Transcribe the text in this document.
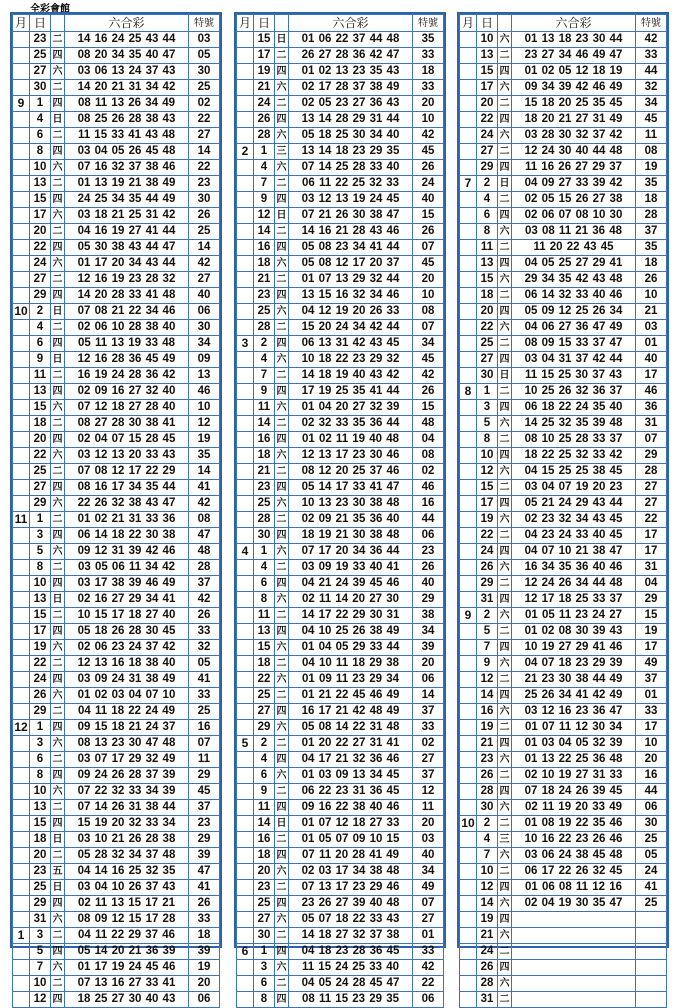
全彩會館
月	日		六合彩	特號
	23	二	14 16 24 25 43 44	03
	25	四	08 20 34 35 40 47	05
	27	六	03 06 13 24 37 43	30
	30	二	14 20 21 31 34 42	25
9	1	四	08 11 13 26 34 49	02
	4	日	08 25 26 28 38 43	22
	6	二	11 15 33 41 43 48	27
	8	四	03 04 05 26 45 48	14
	10	六	07 16 32 37 38 46	22
	13	二	01 13 19 21 38 49	23
	15	四	24 25 34 35 44 49	30
	17	六	03 18 21 25 31 42	26
	20	二	04 16 19 27 41 44	25
	22	四	05 30 38 43 44 47	14
	24	六	01 17 20 34 43 44	42
	27	二	12 16 19 23 28 32	27
	29	四	14 20 28 33 41 48	40
10	2	日	07 08 21 22 34 46	06
	4	二	02 06 10 28 38 40	30
	6	四	05 11 13 19 33 48	34
	9	日	12 16 28 36 45 49	09
	11	二	16 19 24 28 36 42	13
	13	四	02 09 16 27 32 40	46
	15	六	07 12 18 27 28 40	10
	18	二	08 27 28 30 38 41	12
	20	四	02 04 07 15 28 45	19
	22	六	03 12 13 20 33 43	35
	25	二	07 08 12 17 22 29	14
	27	四	08 16 17 34 35 44	41
	29	六	22 26 32 38 43 47	42
11	1	二	01 02 21 31 33 36	08
	3	四	06 14 18 22 30 38	47
	5	六	09 12 31 39 42 46	48
	8	二	03 05 06 11 34 42	28
	10	四	03 17 38 39 46 49	37
	13	日	02 16 27 29 34 41	42
	15	二	10 15 17 18 27 40	26
	17	四	05 18 26 28 30 45	33
	19	六	02 06 23 24 37 42	32
	22	二	12 13 16 18 38 40	05
	24	四	03 09 24 31 38 49	41
	26	六	01 02 03 04 07 10	33
	29	二	04 11 18 22 24 49	25
12	1	四	09 15 18 21 24 37	16
	3	六	08 13 23 30 47 48	07
	6	二	03 07 17 29 32 49	11
	8	四	09 24 26 28 37 39	29
	10	六	07 22 32 33 34 39	45
	13	二	07 14 26 31 38 44	37
	15	四	15 19 20 32 33 34	23
	18	日	03 10 21 26 28 38	29
	20	二	05 28 32 34 37 48	39
	23	五	04 14 16 25 32 35	47
	25	日	03 04 10 26 37 43	41
	29	四	02 11 13 15 17 21	26
	31	六	08 09 12 15 17 28	33
1	3	二	04 11 22 29 37 46	18
	5	四	05 14 20 21 36 39	39
	7	六	01 17 19 24 45 46	19
	10	二	07 13 16 27 33 41	20
	12	四	18 25 27 30 40 43	06
月	日		六合彩	特號
	15	日	01 06 22 37 44 48	35
	17	二	26 27 28 36 42 47	33
	19	四	01 02 13 23 35 43	18
	21	六	02 17 28 37 38 49	33
	24	二	02 05 23 27 36 43	20
	26	四	13 14 28 29 31 44	10
	28	六	05 18 25 30 34 40	42
2	1	三	13 14 18 23 29 35	45
	4	六	07 14 25 28 33 40	26
	7	二	06 11 22 25 32 33	24
	9	四	03 12 13 19 24 45	40
	12	日	07 21 26 30 38 47	15
	14	二	14 16 21 28 43 46	26
	16	四	05 08 23 34 41 44	07
	18	六	05 08 12 17 20 37	45
	21	二	01 07 13 29 32 44	20
	23	四	13 15 16 32 34 46	10
	25	六	04 12 19 20 26 33	08
	28	二	15 20 24 34 42 44	07
3	2	四	06 13 31 42 43 45	34
	4	六	10 18 22 23 29 32	45
	7	二	14 18 19 40 43 42	42
	9	四	17 19 25 35 41 44	26
	11	六	01 04 20 27 32 39	15
	14	二	02 32 33 35 36 44	48
	16	四	01 02 11 19 40 48	04
	18	六	12 13 17 23 30 46	08
	21	二	08 12 20 25 37 46	02
	23	四	05 14 17 33 41 47	46
	25	六	10 13 23 30 38 48	16
	28	二	02 09 21 35 36 40	44
	30	四	18 19 21 30 38 48	06
4	1	六	07 17 20 34 36 44	23
	4	二	03 09 19 33 40 41	26
	6	四	04 21 24 39 45 46	40
	8	六	02 11 14 20 27 30	29
	11	二	14 17 22 29 30 31	38
	13	四	04 10 25 26 38 49	34
	15	六	01 04 05 29 33 44	39
	18	二	04 10 11 18 29 38	20
	22	六	01 09 11 23 29 34	06
	25	二	01 21 22 45 46 49	14
	27	四	16 17 21 42 48 49	37
	29	六	05 08 14 22 31 48	33
5	2	二	01 20 22 27 31 41	02
	4	四	04 17 21 32 36 46	27
	6	六	01 03 09 13 34 45	37
	9	二	06 22 23 31 36 45	12
	11	四	09 16 22 38 40 46	11
	14	日	01 07 12 18 27 33	20
	16	二	01 05 07 09 10 15	03
	18	四	07 11 20 28 41 49	40
	20	六	02 03 17 34 38 48	34
	23	二	07 13 17 23 29 46	49
	25	四	23 26 27 39 40 48	07
	27	六	05 07 18 22 33 43	27
	30	二	14 18 27 32 37 38	01
6	1	四	04 18 23 28 36 45	33
	3	六	11 15 24 25 33 40	42
	6	二	04 05 24 28 45 47	22
	8	四	08 11 15 23 29 35	06
月	日		六合彩	特號
	10	六	01 13 18 23 30 44	42
	13	二	23 27 34 46 49 47	33
	15	四	01 02 05 12 18 19	44
	17	六	09 34 39 42 46 49	32
	20	二	15 18 20 25 35 45	34
	22	四	18 20 21 27 31 49	45
	24	六	03 28 30 32 37 42	11
	27	二	12 24 30 40 44 48	08
	29	四	11 16 26 27 29 37	19
7	2	日	04 09 27 33 39 42	35
	4	二	02 05 15 26 27 38	18
	6	四	02 06 07 08 10 30	28
	8	六	03 08 11 21 36 48	37
	11	二	11 20 22 43 45	35
	13	四	04 05 25 27 29 41	18
	15	六	29 34 35 42 43 48	26
	18	二	06 14 32 33 40 46	10
	20	四	05 09 12 25 26 34	21
	22	六	04 06 27 36 47 49	03
	25	二	08 09 15 33 37 47	01
	27	四	03 04 31 37 42 44	40
	30	日	11 15 25 30 37 43	17
8	1	二	10 25 26 32 36 37	46
	3	四	06 18 22 24 35 40	36
	5	六	14 25 32 35 39 48	31
	8	二	08 10 25 28 33 37	07
	10	四	18 22 25 32 33 42	29
	12	六	04 15 25 25 38 45	28
	15	二	03 04 07 19 20 23	27
	17	四	05 21 24 29 43 44	27
	19	六	02 23 32 34 43 45	22
	22	二	04 23 24 33 40 45	17
	24	四	04 07 10 21 38 47	17
	26	六	16 34 35 36 40 46	31
	29	二	12 24 26 34 44 48	04
	31	四	12 17 18 25 33 37	29
9	2	六	01 05 11 23 24 27	15
	5	二	01 02 08 30 39 43	19
	7	四	10 19 27 29 41 46	17
	9	六	04 07 18 23 29 39	49
	12	二	21 23 30 38 44 49	37
	14	四	25 26 34 41 42 49	01
	16	六	03 12 16 23 36 47	33
	19	二	01 07 11 12 30 34	17
	21	四	01 03 04 05 32 39	10
	23	六	01 13 22 25 36 48	20
	26	二	02 10 19 27 31 33	16
	28	四	07 18 24 26 39 45	44
	30	六	02 11 19 20 33 49	06
10	2	二	01 08 19 22 35 46	30
	4	三	10 16 22 23 26 46	25
	7	六	03 06 24 38 45 48	05
	10	二	06 17 22 26 32 45	24
	12	四	01 06 08 11 12 16	41
	14	六	02 04 19 30 35 47	25
	19	四		
	21	六		
	24	二		
	26	四		
	28	六		
	31	二		
